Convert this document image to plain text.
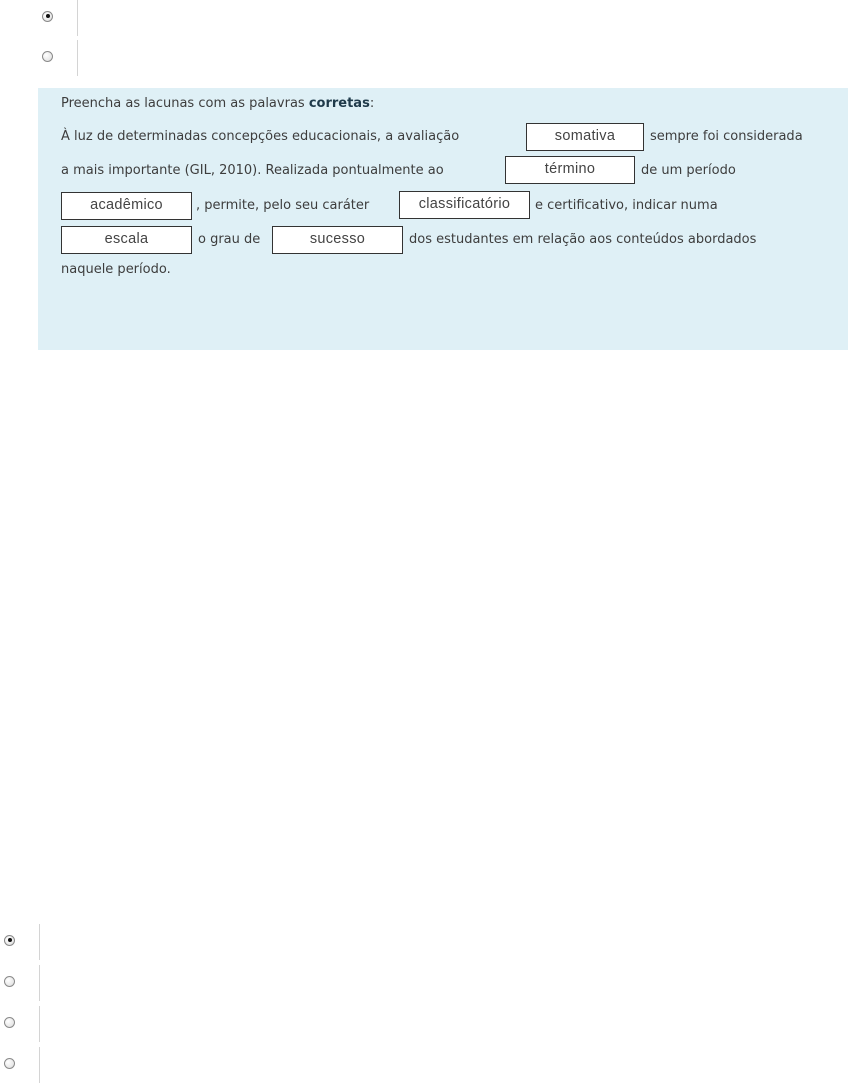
Preencha as lacunas com as palavras corretas:
À luz de determinadas concepções educacionais, a avaliação	somativa	sempre foi considerada
a mais importante (GIL, 2010). Realizada pontualmente ao	término	de um período
acadêmico	, permite, pelo seu caráter	classificatório	e certificativo, indicar numa
escala	o grau de	sucesso	dos estudantes em relação aos conteúdos abordados
naquele período.
